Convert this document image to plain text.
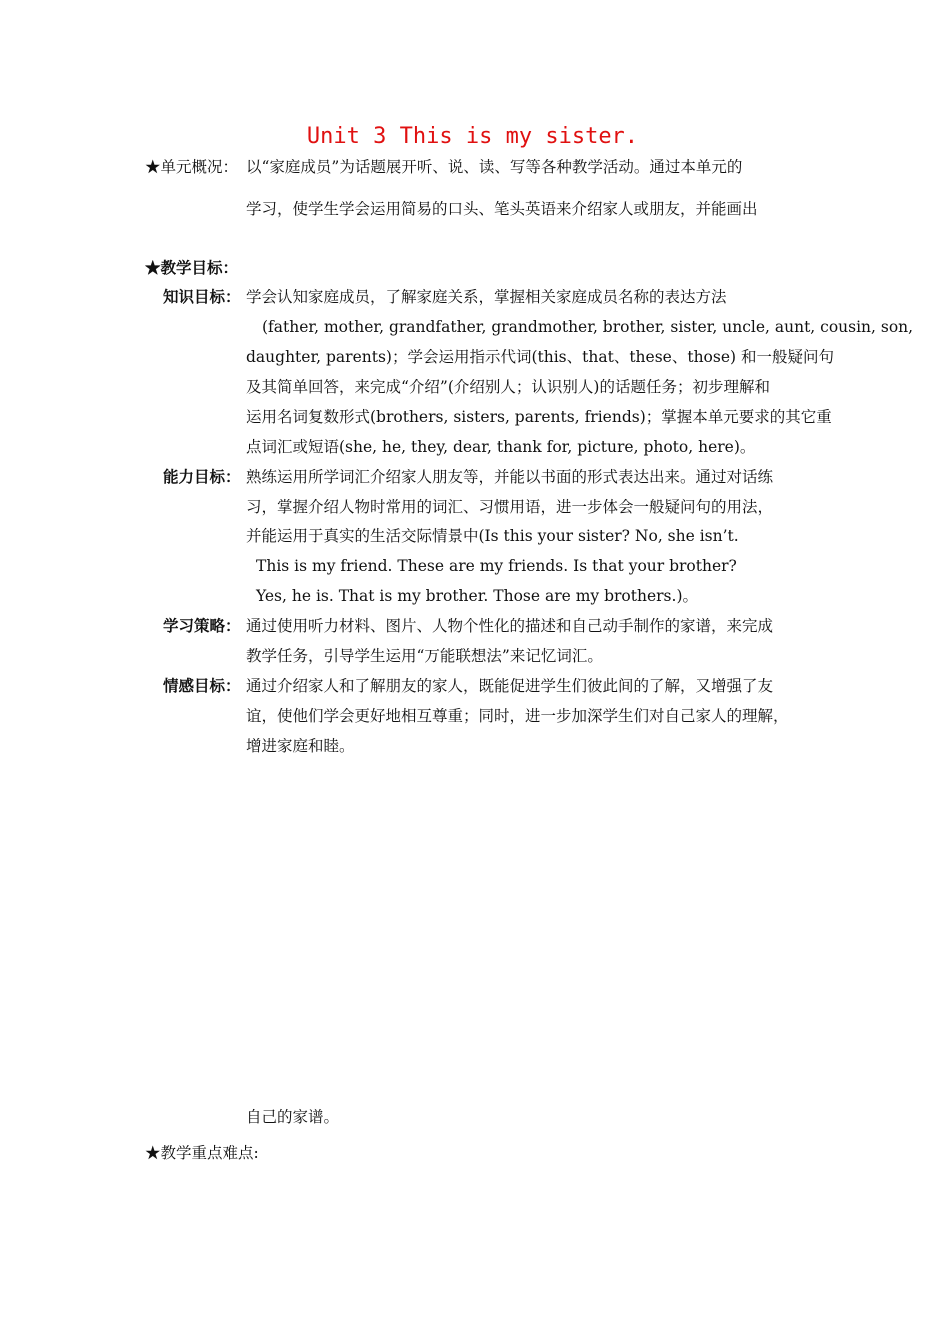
Unit 3 This is my sister.
★单元概况： 以“家庭成员”为话题展开听、说、读、写等各种教学活动。通过本单元的
学习，使学生学会运用简易的口头、笔头英语来介绍家人或朋友，并能画出
★教学目标：
知识目标： 学会认知家庭成员，了解家庭关系，掌握相关家庭成员名称的表达方法
(father, mother, grandfather, grandmother, brother, sister, uncle, aunt, cousin, son,
daughter, parents)；学会运用指示代词(this、that、these、those) 和一般疑问句
及其简单回答，来完成“介绍”(介绍别人；认识别人)的话题任务；初步理解和
运用名词复数形式(brothers, sisters, parents, friends)；掌握本单元要求的其它重
点词汇或短语(she, he, they, dear, thank for, picture, photo, here)。
能力目标： 熟练运用所学词汇介绍家人朋友等，并能以书面的形式表达出来。通过对话练
习，掌握介绍人物时常用的词汇、习惯用语，进一步体会一般疑问句的用法，
并能运用于真实的生活交际情景中(Is this your sister? No, she isn’t.
This is my friend. These are my friends. Is that your brother?
Yes, he is. That is my brother. Those are my brothers.)。
学习策略： 通过使用听力材料、图片、人物个性化的描述和自己动手制作的家谱，来完成
教学任务，引导学生运用“万能联想法”来记忆词汇。
情感目标： 通过介绍家人和了解朋友的家人，既能促进学生们彼此间的了解，又增强了友
谊，使他们学会更好地相互尊重；同时，进一步加深学生们对自己家人的理解，
增进家庭和睦。
自己的家谱。
★教学重点难点:
